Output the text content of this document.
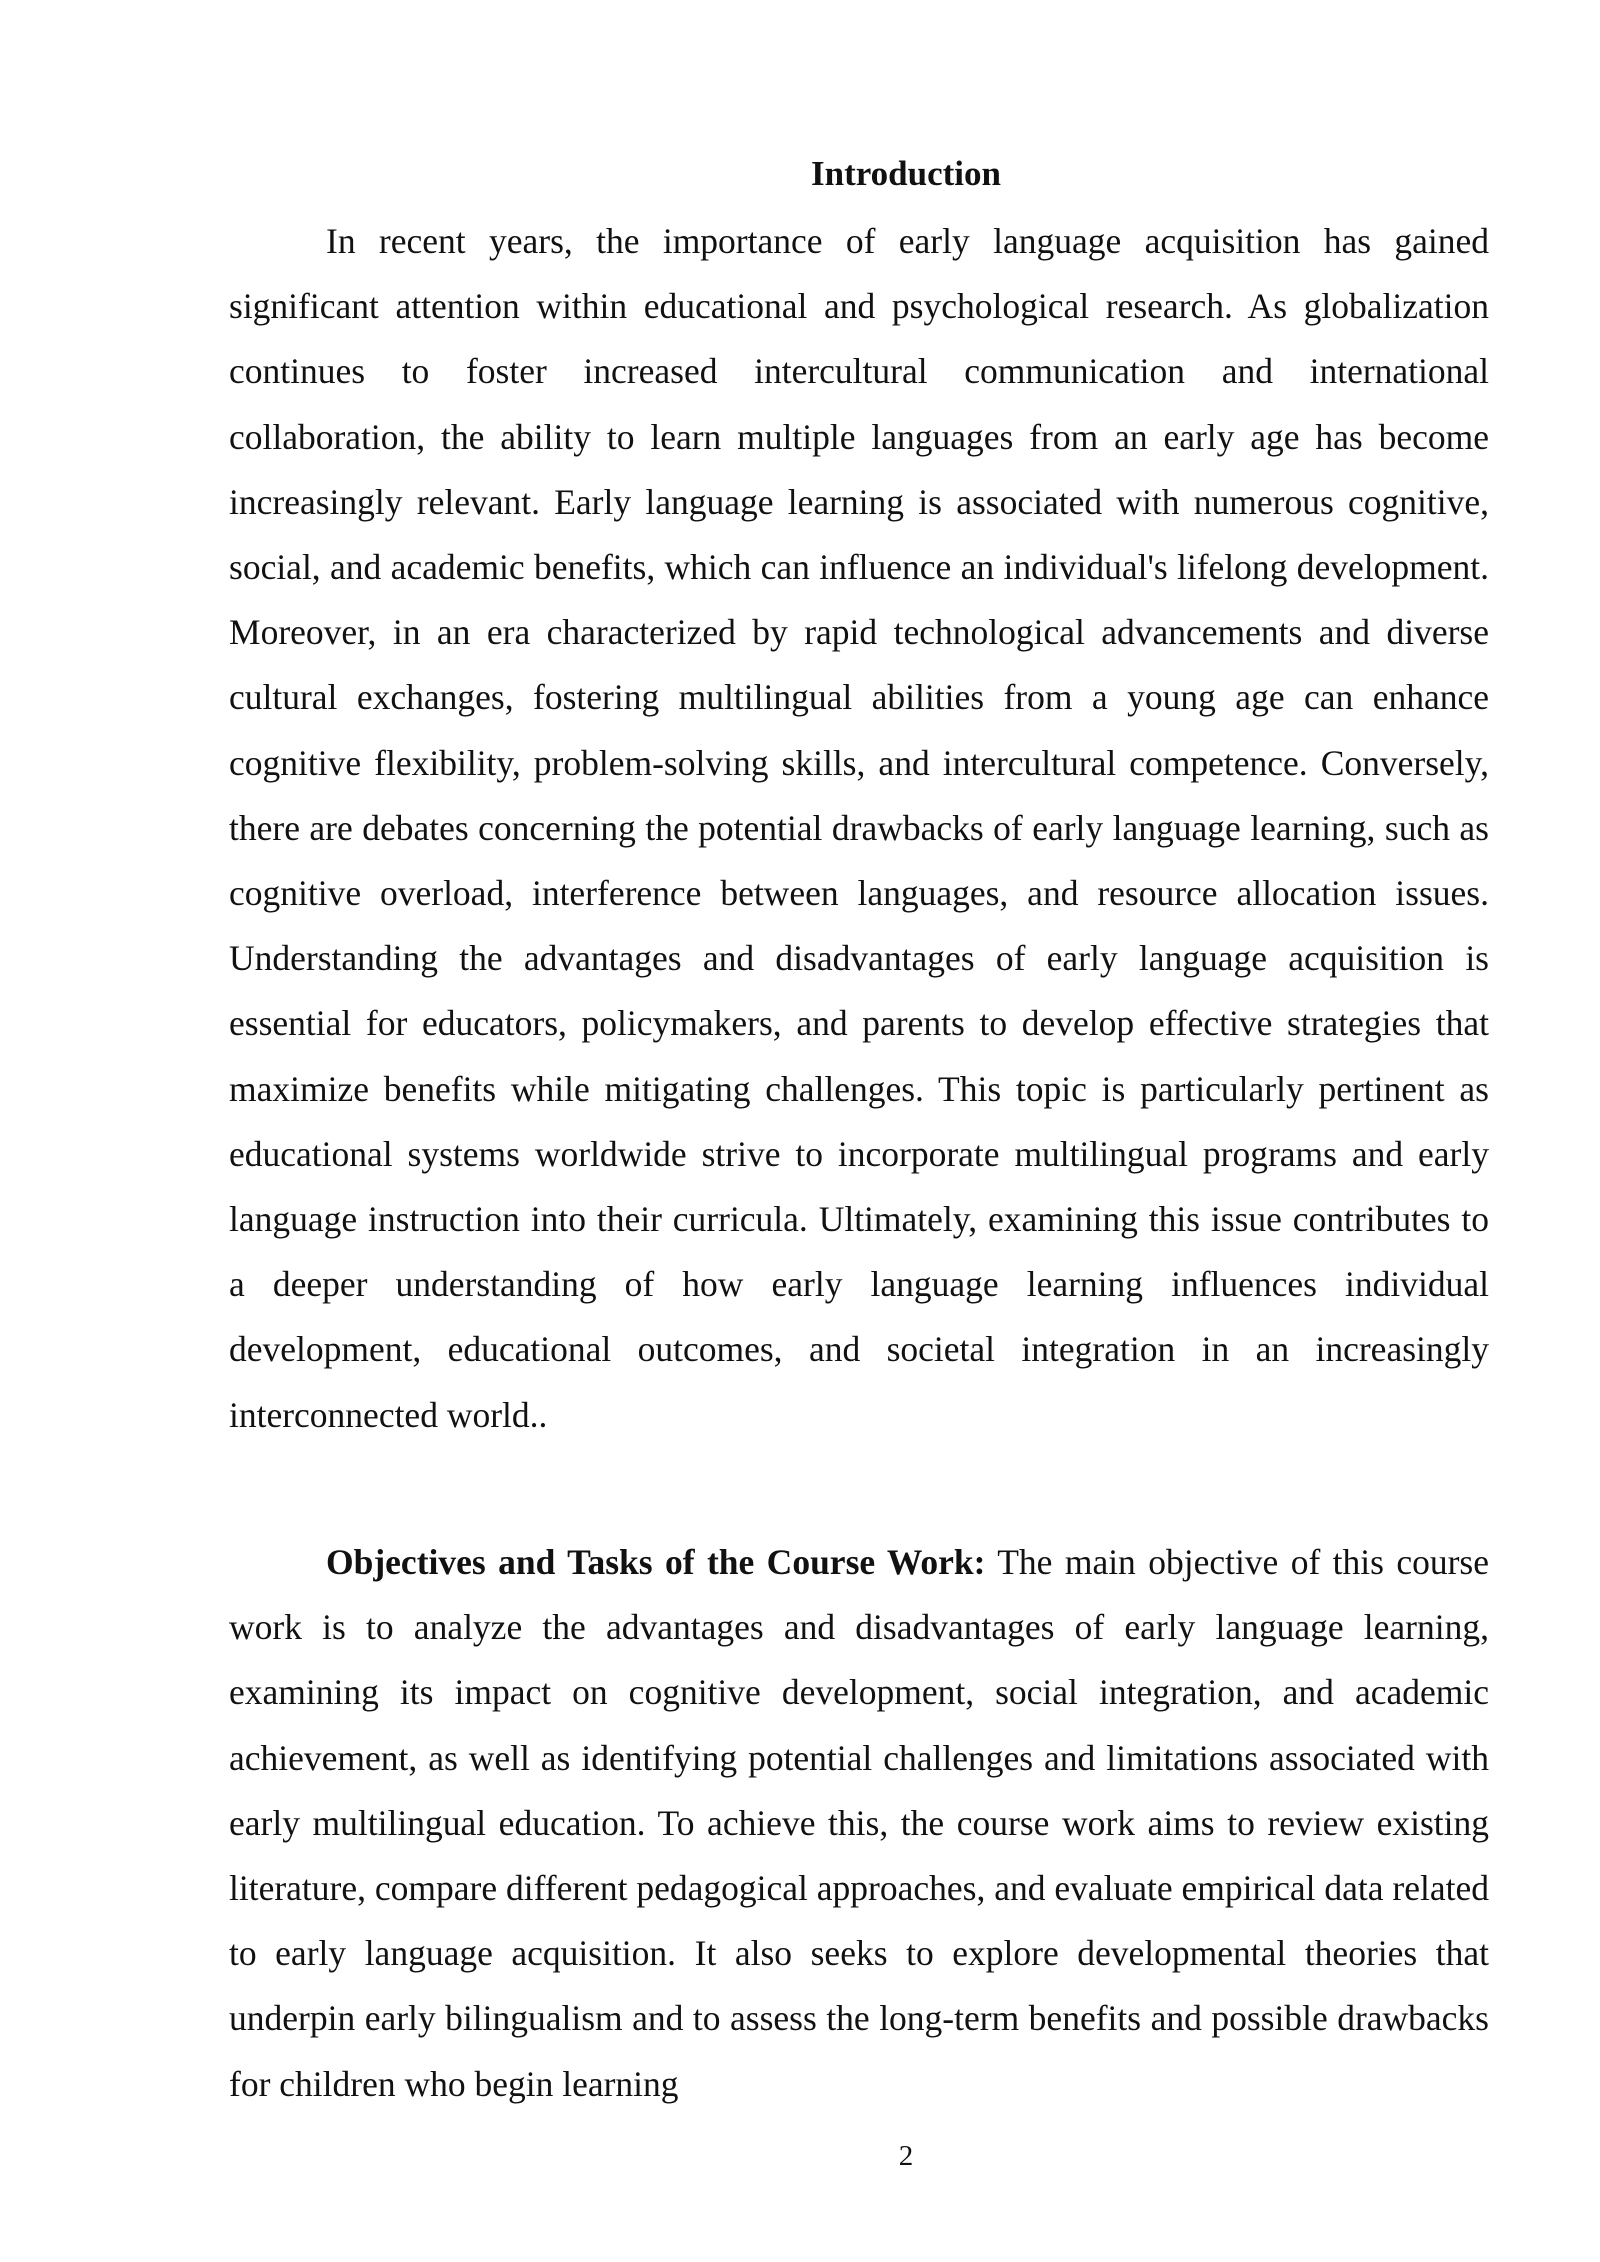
Introduction

In recent years, the importance of early language acquisition has gained significant attention within educational and psychological research. As globalization continues to foster increased intercultural communication and international collaboration, the ability to learn multiple languages from an early age has become increasingly relevant. Early language learning is associated with numerous cognitive, social, and academic benefits, which can influence an individual's lifelong development. Moreover, in an era characterized by rapid technological advancements and diverse cultural exchanges, fostering multilingual abilities from a young age can enhance cognitive flexibility, problem-solving skills, and intercultural competence. Conversely, there are debates concerning the potential drawbacks of early language learning, such as cognitive overload, interference between languages, and resource allocation issues. Understanding the advantages and disadvantages of early language acquisition is essential for educators, policymakers, and parents to develop effective strategies that maximize benefits while mitigating challenges. This topic is particularly pertinent as educational systems worldwide strive to incorporate multilingual programs and early language instruction into their curricula. Ultimately, examining this issue contributes to a deeper understanding of how early language learning influences individual development, educational outcomes, and societal integration in an increasingly interconnected world..

Objectives and Tasks of the Course Work: The main objective of this course work is to analyze the advantages and disadvantages of early language learning, examining its impact on cognitive development, social integration, and academic achievement, as well as identifying potential challenges and limitations associated with early multilingual education. To achieve this, the course work aims to review existing literature, compare different pedagogical approaches, and evaluate empirical data related to early language acquisition. It also seeks to explore developmental theories that underpin early bilingualism and to assess the long-term benefits and possible drawbacks for children who begin learning

2
